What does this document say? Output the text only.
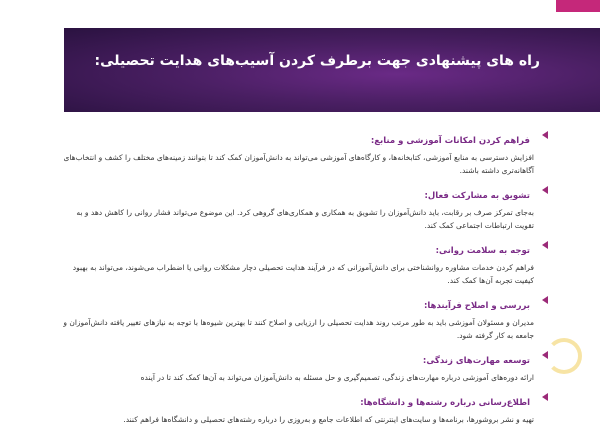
راه های پیشنهادی جهت برطرف کردن آسیب‌های هدایت تحصیلی:
فراهم کردن امکانات آموزشی و منابع:

افزایش دسترسی به منابع آموزشی، کتابخانه‌ها، و کارگاه‌های آموزشی می‌تواند به دانش‌آموزان کمک کند تا بتوانند زمینه‌های مختلف را کشف و انتخاب‌های آگاهانه‌تری داشته باشند.

تشویق به مشارکت فعال:

به‌جای تمرکز صرف بر رقابت، باید دانش‌آموزان را تشویق به همکاری و همکاری‌های گروهی کرد. این موضوع می‌تواند فشار روانی را کاهش دهد و به تقویت ارتباطات اجتماعی کمک کند.

توجه به سلامت روانی:

فراهم کردن خدمات مشاوره روانشناختی برای دانش‌آموزانی که در فرآیند هدایت تحصیلی دچار مشکلات روانی یا اضطراب می‌شوند، می‌تواند به بهبود کیفیت تجربه آن‌ها کمک کند.

بررسی و اصلاح فرآیندها:

مدیران و مسئولان آموزشی باید به طور مرتب روند هدایت تحصیلی را ارزیابی و اصلاح کنند تا بهترین شیوه‌ها با توجه به نیازهای تغییر یافته دانش‌آموزان و جامعه به کار گرفته شود.

توسعه مهارت‌های زندگی:

ارائه دوره‌های آموزشی درباره مهارت‌های زندگی، تصمیم‌گیری و حل مسئله به دانش‌آموزان می‌تواند به آن‌ها کمک کند تا در آینده

اطلاع‌رسانی درباره رشته‌ها و دانشگاه‌ها:

تهیه و نشر بروشورها، برنامه‌ها و سایت‌های اینترنتی که اطلاعات جامع و به‌روزی را درباره رشته‌های تحصیلی و دانشگاه‌ها فراهم کنند.
